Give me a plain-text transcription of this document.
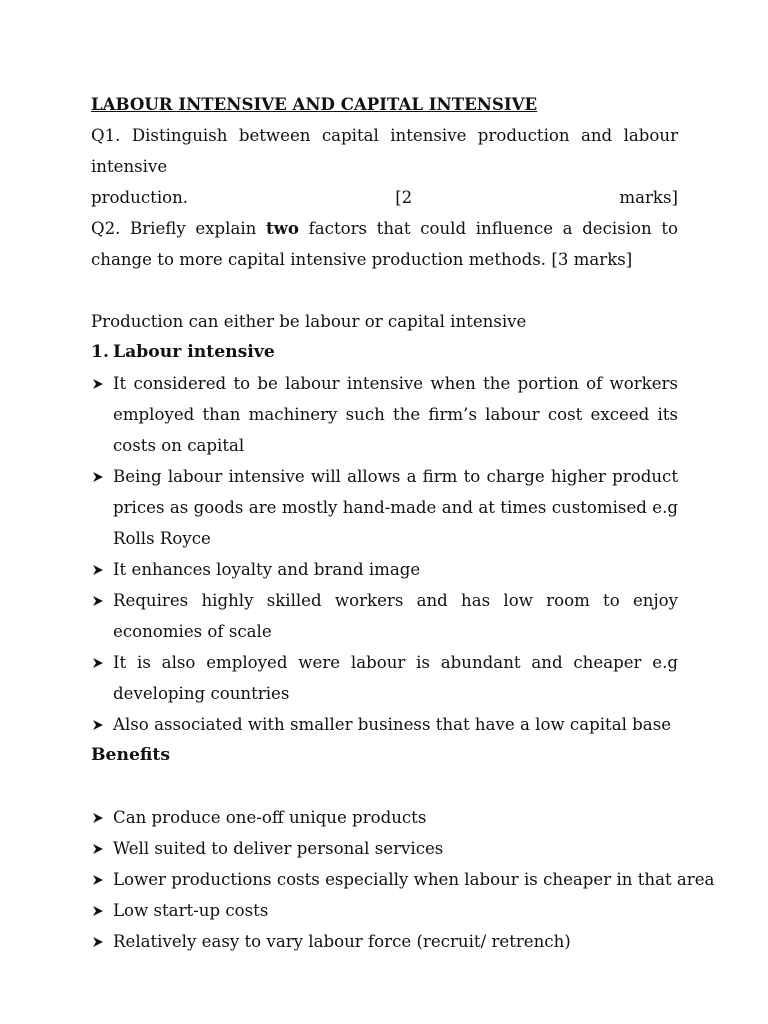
LABOUR INTENSIVE AND CAPITAL INTENSIVE
Q1. Distinguish between capital intensive production and labour intensive
production.	[2	marks]
Q2. Briefly explain two factors that could influence a decision to change to more capital intensive production methods. [3 marks]
Production can either be labour or capital intensive
1. Labour intensive
It considered to be labour intensive when the portion of workers employed than machinery such the firm’s labour cost exceed its costs on capital
Being labour intensive will allows a firm to charge higher product prices as goods are mostly hand-made and at times customised e.g Rolls Royce
It enhances loyalty and brand image
Requires highly skilled workers and has low room to enjoy economies of scale
It is also employed were labour is abundant and cheaper e.g developing countries
Also associated with smaller business that have a low capital base
Benefits
Can produce one-off unique products
Well suited to deliver personal services
Lower productions costs especially when labour is cheaper in that area
Low start-up costs
Relatively easy to vary labour force (recruit/ retrench)
